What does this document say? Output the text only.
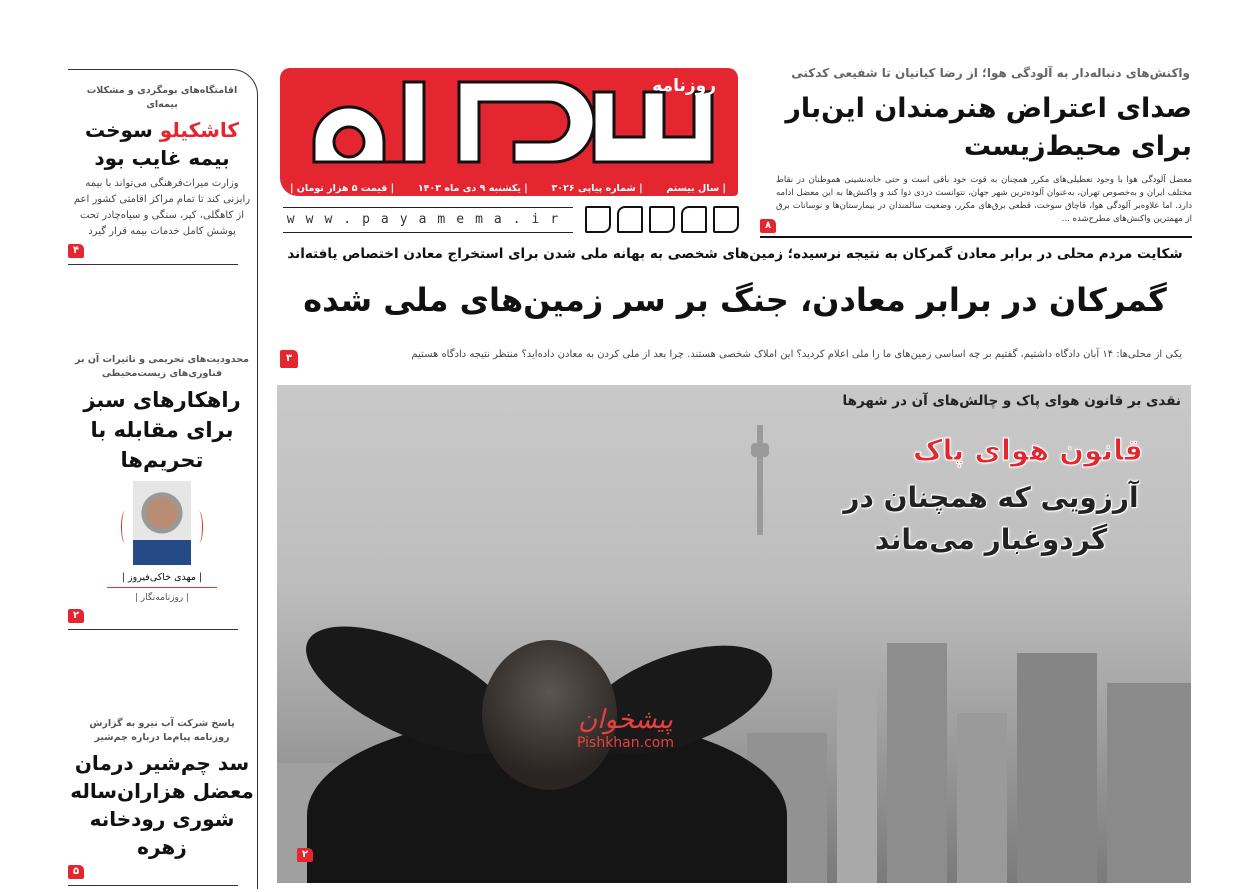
واکنش‌های دنباله‌دار به آلودگی هوا؛ از رضا کیانیان تا شفیعی کدکنی
صدای اعتراض هنرمندان این‌بار برای محیط‌زیست
معضل آلودگی هوا با وجود تعطیلی‌های مکرر همچنان به قوت خود باقی است و حتی خانه‌نشینی هموطنان در نقاط مختلف ایران و به‌خصوص تهران، به‌عنوان آلوده‌ترین شهر جهان، نتوانست دردی دوا کند و واکنش‌ها به این معضل ادامه دارد. اما علاوه‌بر آلودگی هوا، قاچاق سوخت، قطعی برق‌های مکرر، وضعیت سالمندان در بیمارستان‌ها و نوسانات برق از مهمترین واکنش‌های مطرح‌شده ...
۸
روزنامه
| سال بیستم
| شماره پیاپی ۳۰۲۶
| یکشنبه ۹ دی ماه ۱۴۰۳
| قیمت ۵ هزار تومان |
www.payamema.ir
شکایت مردم محلی در برابر معادن گمرکان به نتیجه نرسیده؛ زمین‌های شخصی به بهانه ملی شدن برای استخراج معادن اختصاص یافته‌اند
گمرکان در برابر معادن، جنگ بر سر زمین‌های ملی شده
یکی از محلی‌ها: ۱۴ آبان دادگاه داشتیم، گفتیم بر چه اساسی زمین‌های ما را ملی اعلام کردید؟ این املاک شخصی هستند. چرا بعد از ملی کردن به معادن داده‌اید؟ منتظر نتیجه دادگاه هستیم
۳
نقدی بر قانون هوای پاک و چالش‌های آن در شهرها
قانون هوای پاک
آرزویی که همچنان در گرد‌وغبار می‌ماند
پیشخوان
Pishkhan.com
۲
اقامتگاه‌های بومگردی و مشکلات بیمه‌ای
کاشکیلو سوخت بیمه غایب بود
وزارت میراث‌فرهنگی می‌تواند با بیمه رایزنی کند تا تمام مراکز اقامتی کشور اعم از کاهگلی، کپر، سنگی و سیاه‌چادر تحت پوشش کامل خدمات بیمه قرار گیرد
۴
محدودیت‌های تحریمی و تاثیرات آن بر فناوری‌های زیست‌محیطی
راهکارهای سبز برای مقابله با تحریم‌ها
| مهدی خاکی‌فیروز |
| روزنامه‌نگار |
۲
پاسخ شرکت آب نیرو به گزارش روزنامه پیام‌ما درباره چم‌شیر
سد چم‌شیر درمان معضل هزاران‌ساله شوری رودخانه زهره
۵
